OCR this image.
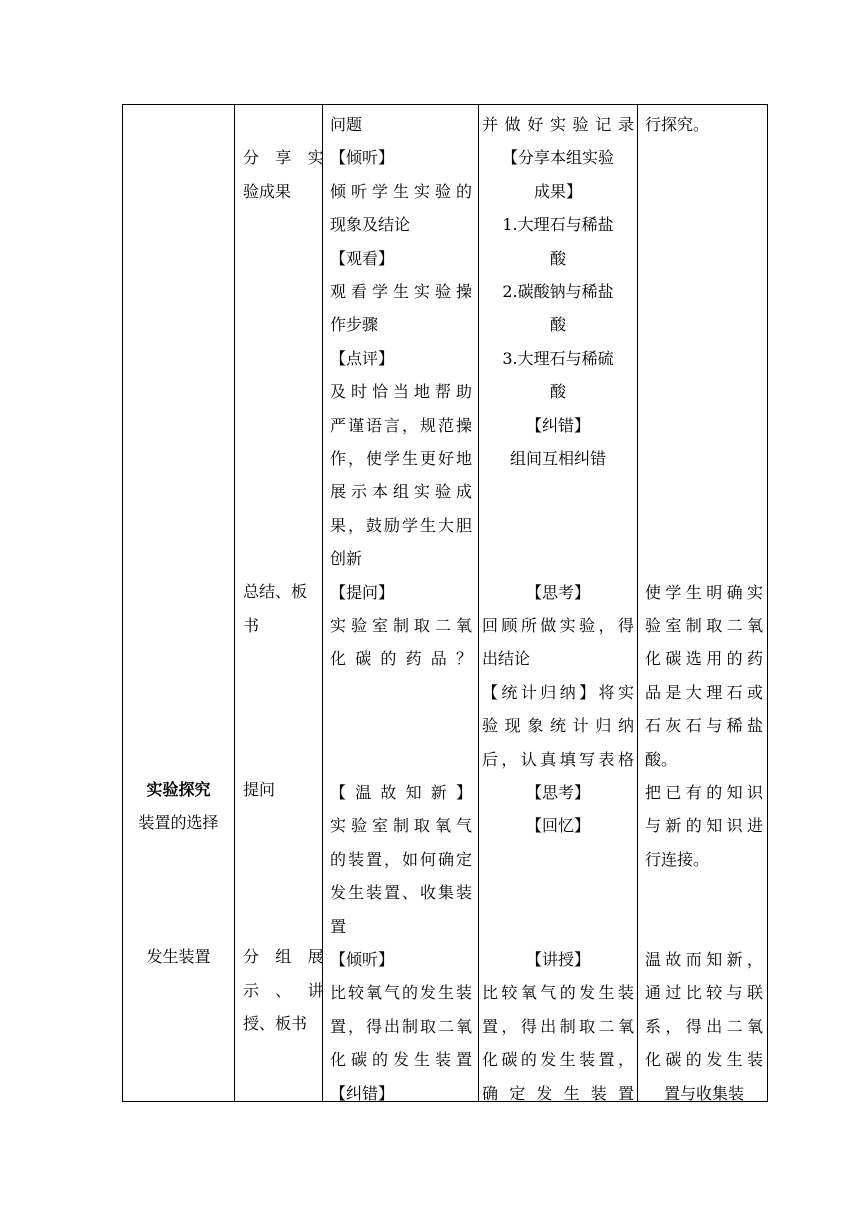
实验探究
装置的选择
发生装置
分 享 实
验成果
总结、板
书
提问
分 组 展
示 、 讲
授、板书
问题
【倾听】
倾听学生实验的
现象及结论
【观看】
观看学生实验操
作步骤
【点评】
及时恰当地帮助
严谨语言，规范操
作，使学生更好地
展示本组实验成
果，鼓励学生大胆
创新
【提问】
实验室制取二氧
化碳的药品？
【温故知新】
实验室制取氧气
的装置，如何确定
发生装置、收集装
置
【倾听】
比较氧气的发生装
置，得出制取二氧
化碳的发生装置
【纠错】
并做好实验记录
【分享本组实验
成果】
1.大理石与稀盐
酸
2.碳酸钠与稀盐
酸
3.大理石与稀硫
酸
【纠错】
组间互相纠错
【思考】
回顾所做实验，得
出结论
【统计归纳】将实
验现象统计归纳
后，认真填写表格
【思考】
【回忆】
【讲授】
比较氧气的发生装
置，得出制取二氧
化碳的发生装置，
确定发生装置
行探究。
使学生明确实
验室制取二氧
化碳选用的药
品是大理石或
石灰石与稀盐
酸。
把已有的知识
与新的知识进
行连接。
温故而知新，
通过比较与联
系，得出二氧
化碳的发生装
置与收集装
